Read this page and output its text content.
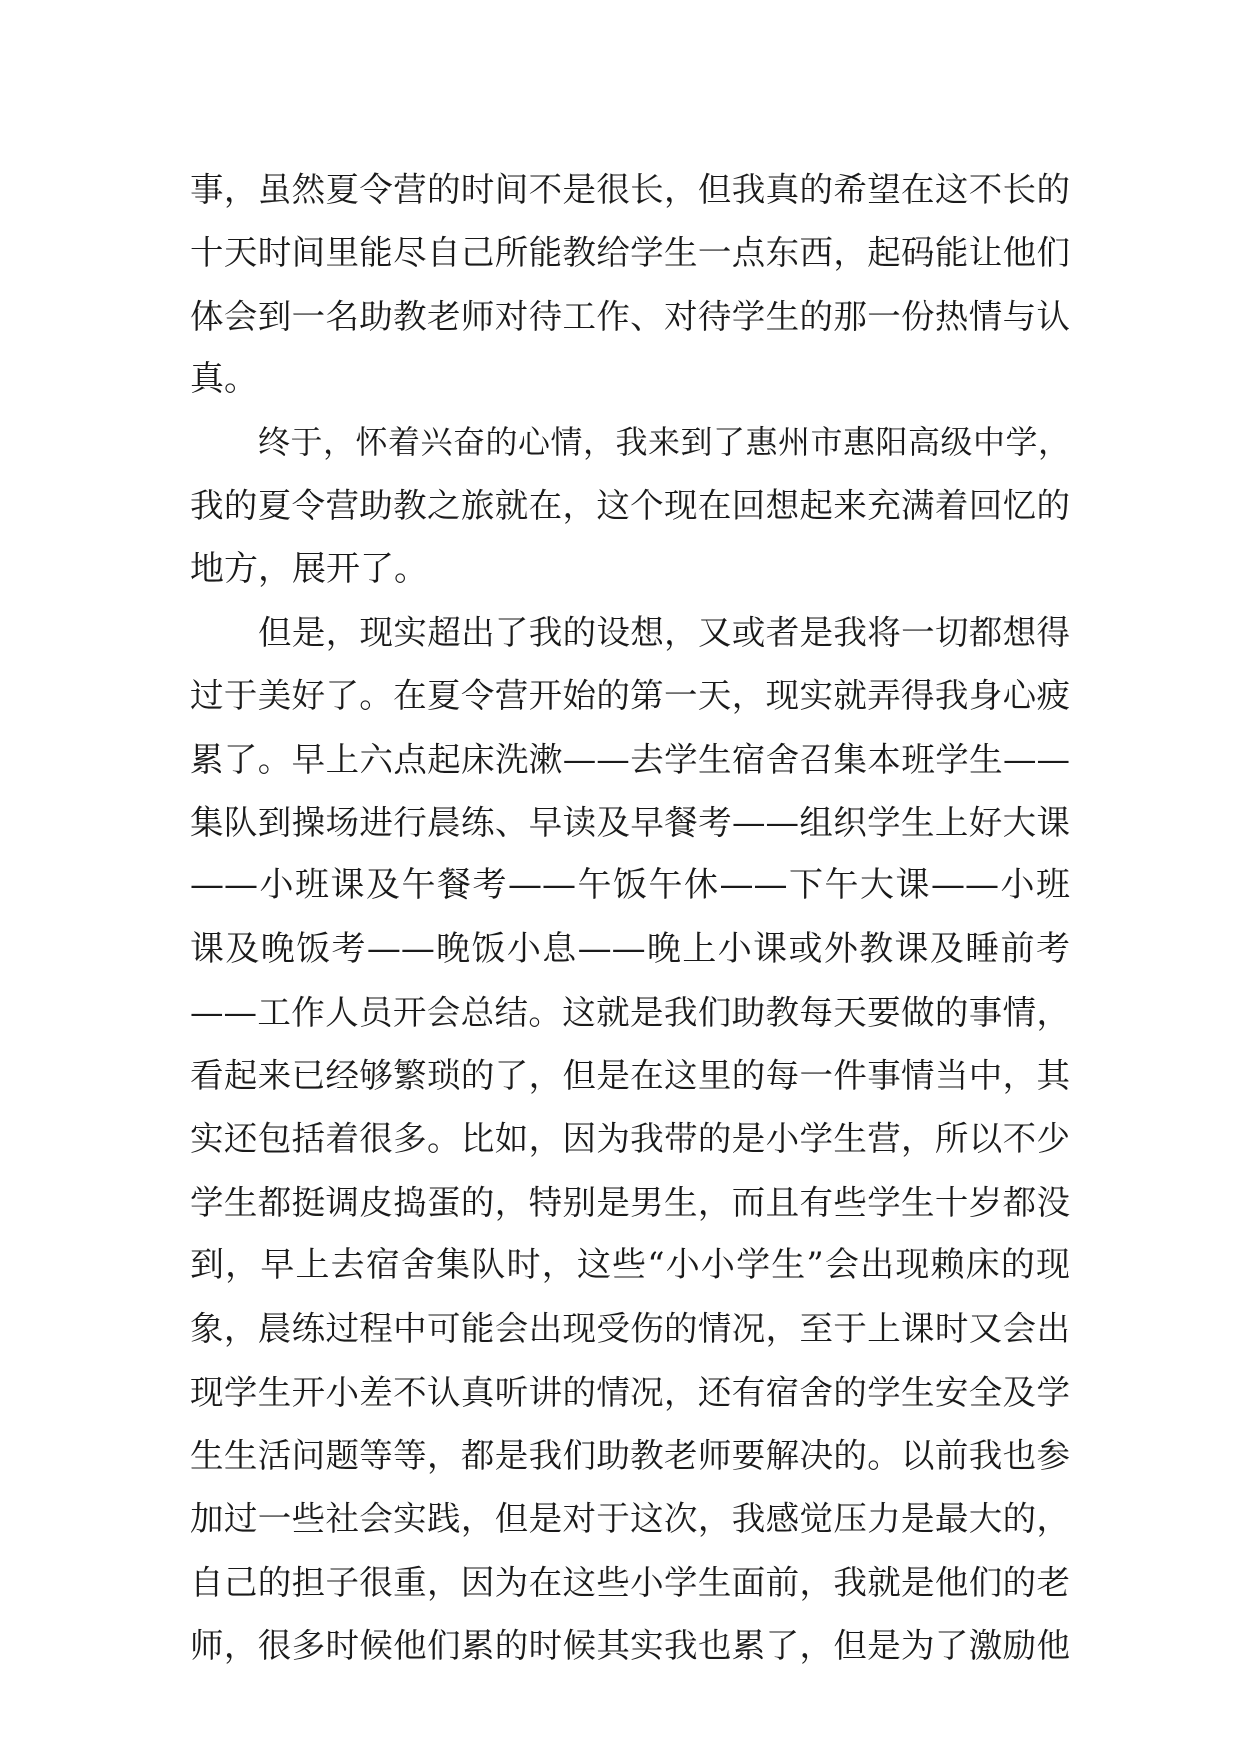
事，虽然夏令营的时间不是很长，但我真的希望在这不长的
十天时间里能尽自己所能教给学生一点东西，起码能让他们
体会到一名助教老师对待工作、对待学生的那一份热情与认
真。
终于，怀着兴奋的心情，我来到了惠州市惠阳高级中学，
我的夏令营助教之旅就在，这个现在回想起来充满着回忆的
地方，展开了。
但是，现实超出了我的设想，又或者是我将一切都想得
过于美好了。在夏令营开始的第一天，现实就弄得我身心疲
累了。早上六点起床洗漱——去学生宿舍召集本班学生——
集队到操场进行晨练、早读及早餐考——组织学生上好大课
——小班课及午餐考——午饭午休——下午大课——小班
课及晚饭考——晚饭小息——晚上小课或外教课及睡前考
——工作人员开会总结。这就是我们助教每天要做的事情，
看起来已经够繁琐的了，但是在这里的每一件事情当中，其
实还包括着很多。比如，因为我带的是小学生营，所以不少
学生都挺调皮捣蛋的，特别是男生，而且有些学生十岁都没
到，早上去宿舍集队时，这些“小小学生”会出现赖床的现
象，晨练过程中可能会出现受伤的情况，至于上课时又会出
现学生开小差不认真听讲的情况，还有宿舍的学生安全及学
生生活问题等等，都是我们助教老师要解决的。以前我也参
加过一些社会实践，但是对于这次，我感觉压力是最大的，
自己的担子很重，因为在这些小学生面前，我就是他们的老
师，很多时候他们累的时候其实我也累了，但是为了激励他
